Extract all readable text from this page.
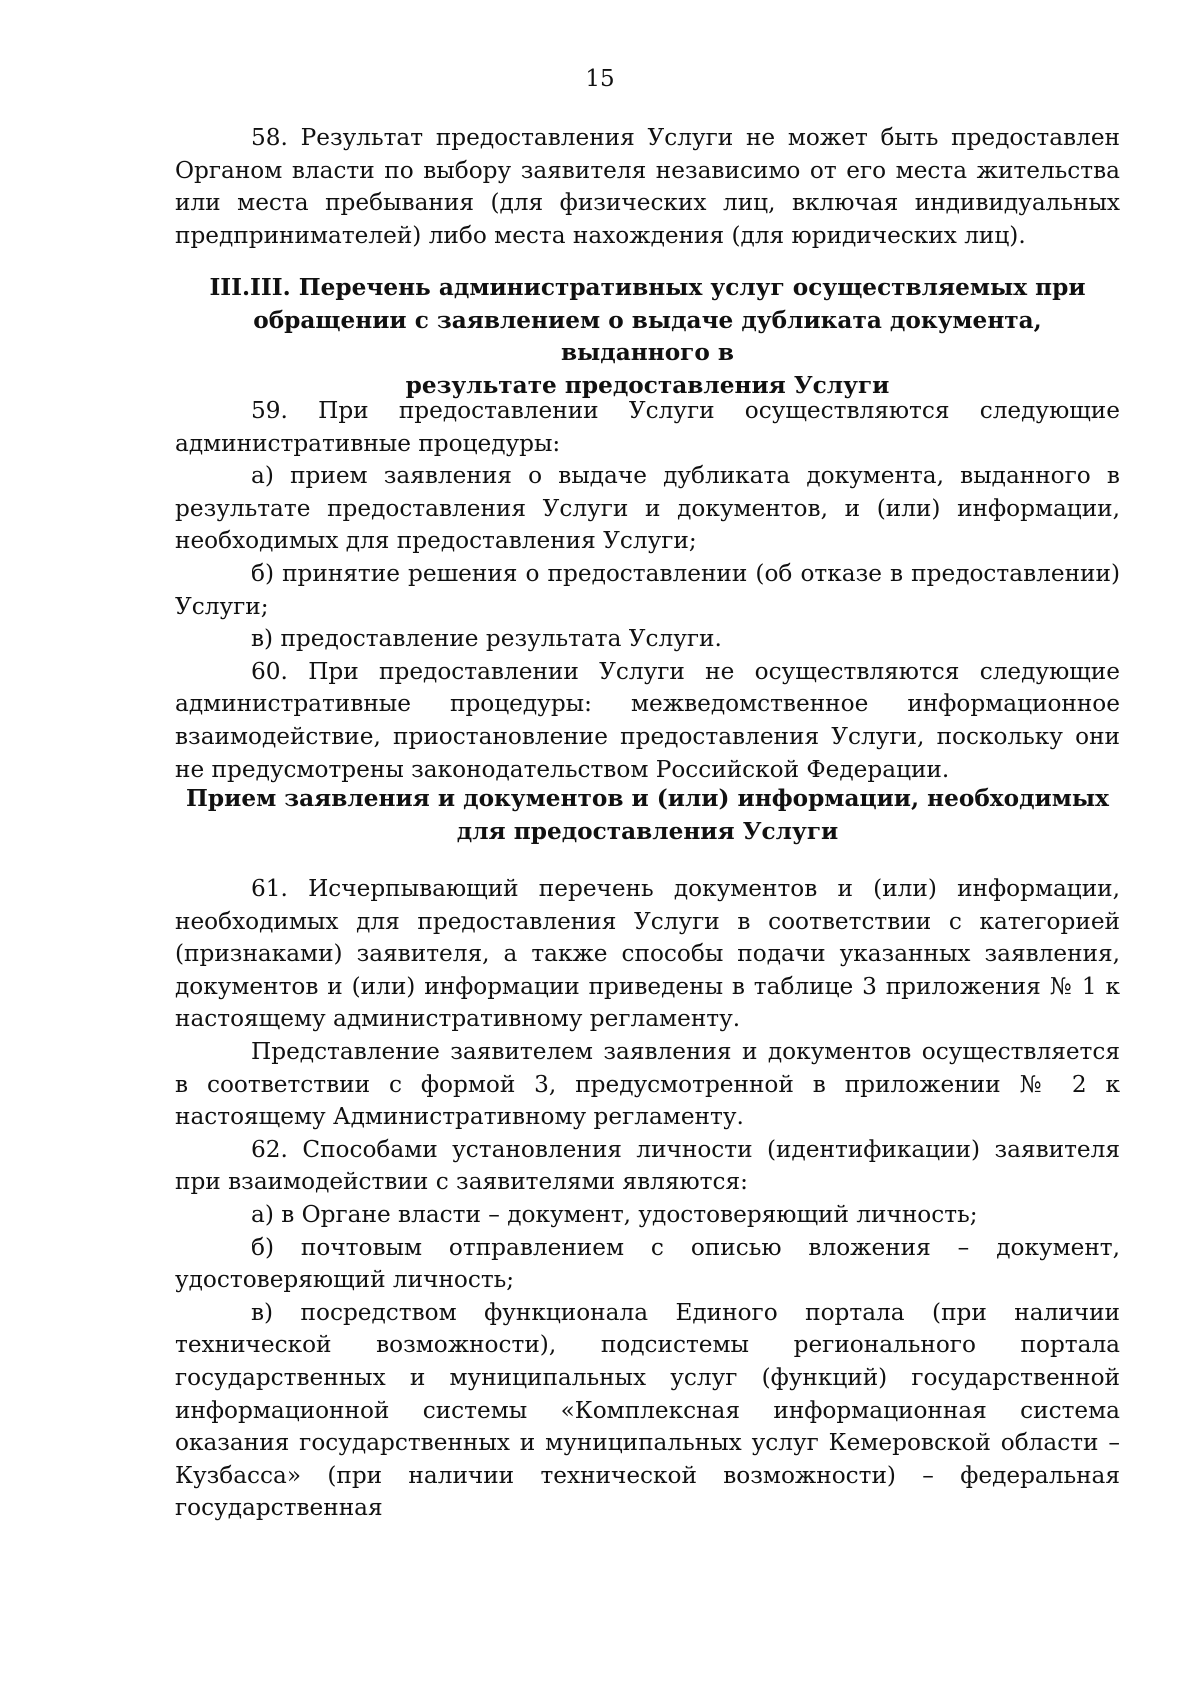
15

58. Результат предоставления Услуги не может быть предоставлен Органом власти по выбору заявителя независимо от его места жительства или места пребывания (для физических лиц, включая индивидуальных предпринимателей) либо места нахождения (для юридических лиц).

III.III. Перечень административных услуг осуществляемых при
обращении с заявлением о выдаче дубликата документа, выданного в
результате предоставления Услуги

59. При предоставлении Услуги осуществляются следующие административные процедуры:

а) прием заявления о выдаче дубликата документа, выданного в результате предоставления Услуги и документов, и (или) информации, необходимых для предоставления Услуги;

б) принятие решения о предоставлении (об отказе в предоставлении) Услуги;

в) предоставление результата Услуги.

60. При предоставлении Услуги не осуществляются следующие административные процедуры: межведомственное информационное взаимодействие, приостановление предоставления Услуги, поскольку они не предусмотрены законодательством Российской Федерации.

Прием заявления и документов и (или) информации, необходимых
для предоставления Услуги

61. Исчерпывающий перечень документов и (или) информации, необходимых для предоставления Услуги в соответствии с категорией (признаками) заявителя, а также способы подачи указанных заявления, документов и (или) информации приведены в таблице 3 приложения № 1 к настоящему административному регламенту.

Представление заявителем заявления и документов осуществляется в соответствии с формой 3, предусмотренной в приложении № 2 к настоящему Административному регламенту.

62. Способами установления личности (идентификации) заявителя при взаимодействии с заявителями являются:

а) в Органе власти – документ, удостоверяющий личность;

б) почтовым отправлением с описью вложения – документ, удостоверяющий личность;

в) посредством функционала Единого портала (при наличии технической возможности), подсистемы регионального портала государственных и муниципальных услуг (функций) государственной информационной системы «Комплексная информационная система оказания государственных и муниципальных услуг Кемеровской области – Кузбасса» (при наличии технической возможности) – федеральная государственная
